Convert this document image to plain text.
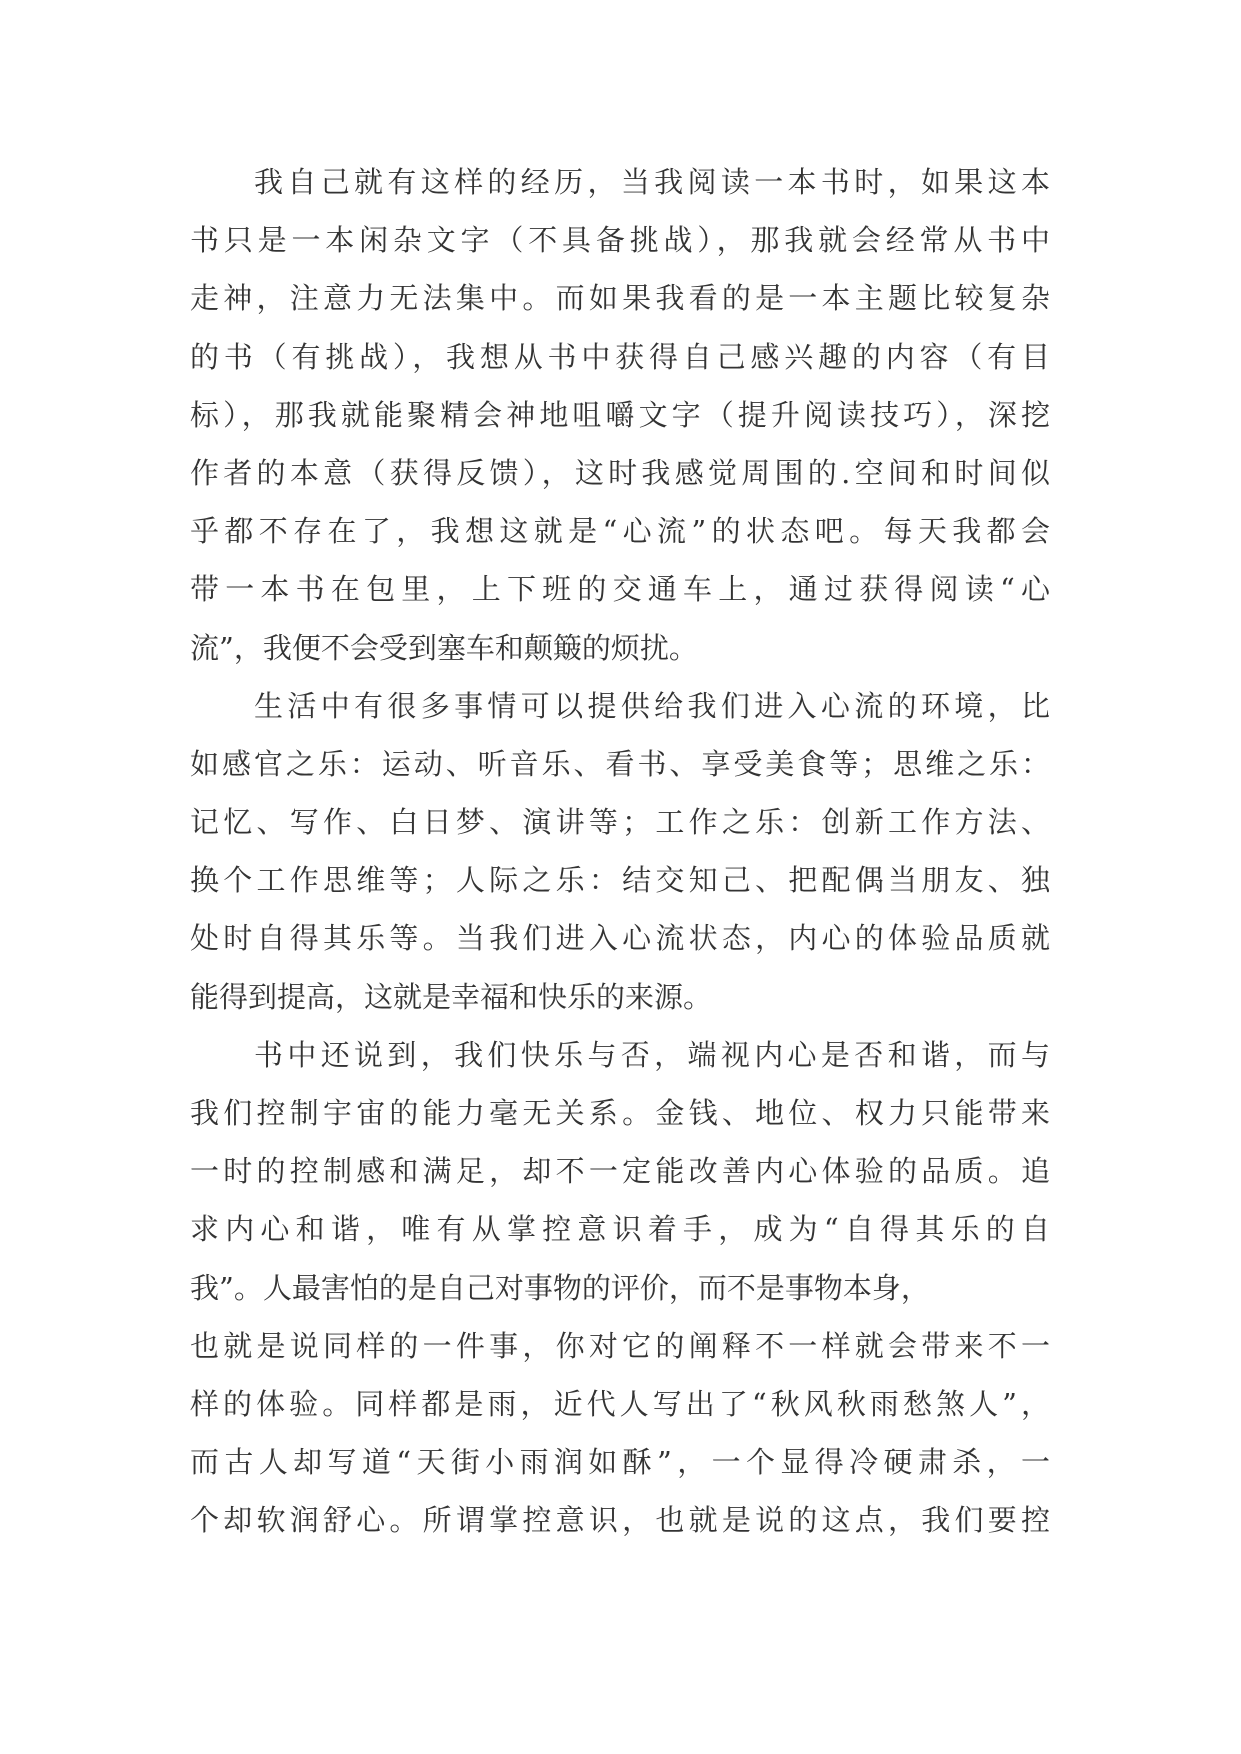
我自己就有这样的经历，当我阅读一本书时，如果这本
书只是一本闲杂文字（不具备挑战），那我就会经常从书中
走神，注意力无法集中。而如果我看的是一本主题比较复杂
的书（有挑战），我想从书中获得自己感兴趣的内容（有目
标），那我就能聚精会神地咀嚼文字（提升阅读技巧），深挖
作者的本意（获得反馈），这时我感觉周围的.空间和时间似
乎都不存在了，我想这就是“心流”的状态吧。每天我都会
带一本书在包里，上下班的交通车上，通过获得阅读“心
流”，我便不会受到塞车和颠簸的烦扰。
生活中有很多事情可以提供给我们进入心流的环境，比
如感官之乐：运动、听音乐、看书、享受美食等；思维之乐：
记忆、写作、白日梦、演讲等；工作之乐：创新工作方法、
换个工作思维等；人际之乐：结交知己、把配偶当朋友、独
处时自得其乐等。当我们进入心流状态，内心的体验品质就
能得到提高，这就是幸福和快乐的来源。
书中还说到，我们快乐与否，端视内心是否和谐，而与
我们控制宇宙的能力毫无关系。金钱、地位、权力只能带来
一时的控制感和满足，却不一定能改善内心体验的品质。追
求内心和谐，唯有从掌控意识着手，成为“自得其乐的自
我”。人最害怕的是自己对事物的评价，而不是事物本身，
也就是说同样的一件事，你对它的阐释不一样就会带来不一
样的体验。同样都是雨，近代人写出了“秋风秋雨愁煞人”，
而古人却写道“天街小雨润如酥”，一个显得冷硬肃杀，一
个却软润舒心。所谓掌控意识，也就是说的这点，我们要控
